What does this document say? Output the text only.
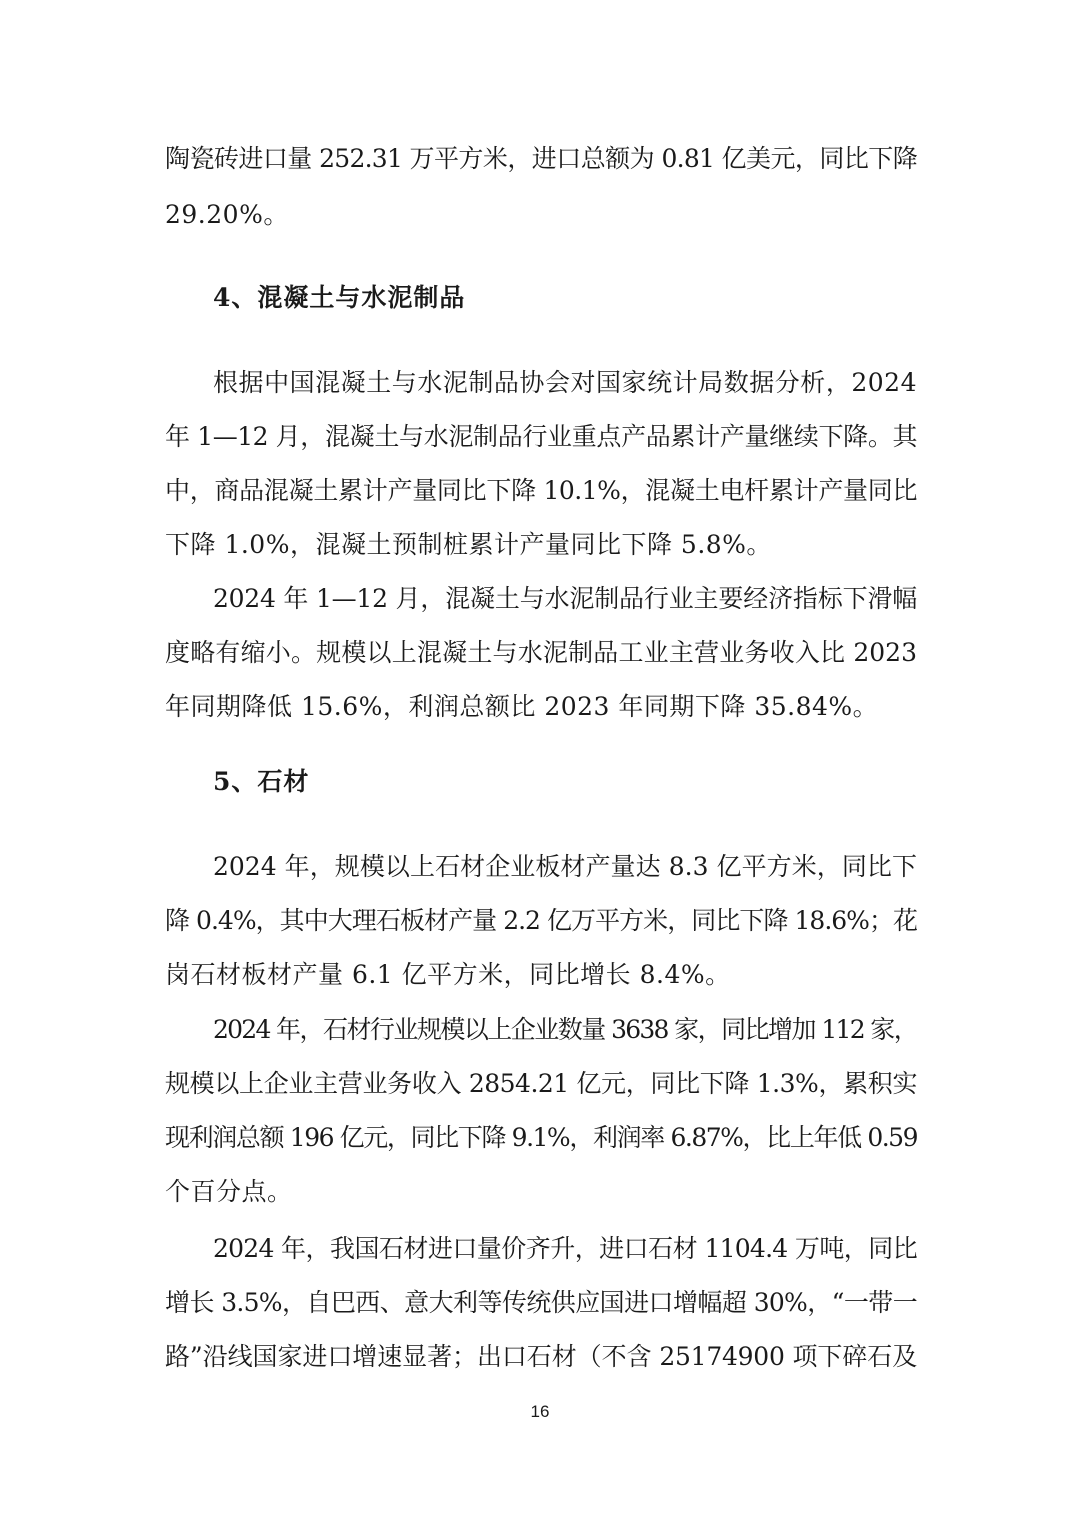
陶瓷砖进口量 252.31 万平方米，进口总额为 0.81 亿美元，同比下降
29.20%。
4、混凝土与水泥制品
根据中国混凝土与水泥制品协会对国家统计局数据分析，2024
年 1—12 月，混凝土与水泥制品行业重点产品累计产量继续下降。其
中，商品混凝土累计产量同比下降 10.1%，混凝土电杆累计产量同比
下降 1.0%，混凝土预制桩累计产量同比下降 5.8%。
2024 年 1—12 月，混凝土与水泥制品行业主要经济指标下滑幅
度略有缩小。规模以上混凝土与水泥制品工业主营业务收入比 2023
年同期降低 15.6%，利润总额比 2023 年同期下降 35.84%。
5、石材
2024 年，规模以上石材企业板材产量达 8.3 亿平方米，同比下
降 0.4%，其中大理石板材产量 2.2 亿万平方米，同比下降 18.6%；花
岗石材板材产量 6.1 亿平方米，同比增长 8.4%。
2024 年，石材行业规模以上企业数量 3638 家，同比增加 112 家，
规模以上企业主营业务收入 2854.21 亿元，同比下降 1.3%，累积实
现利润总额 196 亿元，同比下降 9.1%，利润率 6.87%，比上年低 0.59
个百分点。
2024 年，我国石材进口量价齐升，进口石材 1104.4 万吨，同比
增长 3.5%，自巴西、意大利等传统供应国进口增幅超 30%，“一带一
路”沿线国家进口增速显著；出口石材（不含 25174900 项下碎石及
16
